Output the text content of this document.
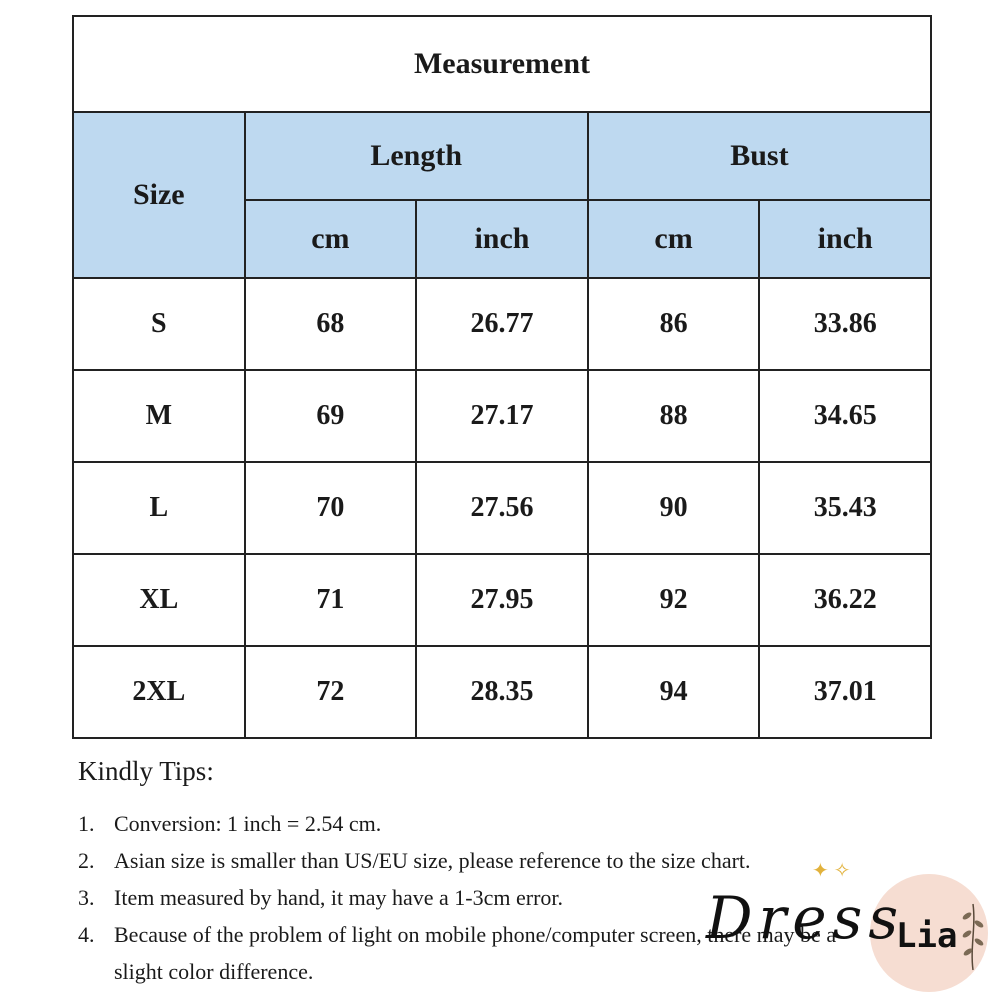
Measurement				
Size	Length		Bust	
	cm	inch	cm	inch
S	68	26.77	86	33.86
M	69	27.17	88	34.65
L	70	27.56	90	35.43
XL	71	27.95	92	36.22
2XL	72	28.35	94	37.01
Kindly Tips:
1. Conversion: 1 inch = 2.54 cm.
2. Asian size is smaller than US/EU size, please reference to the size chart.
3. Item measured by hand, it may have a 1-3cm error.
4. Because of the problem of light on mobile phone/computer screen, there may be a slight color difference.
✦ ✧
Dress
Lia
